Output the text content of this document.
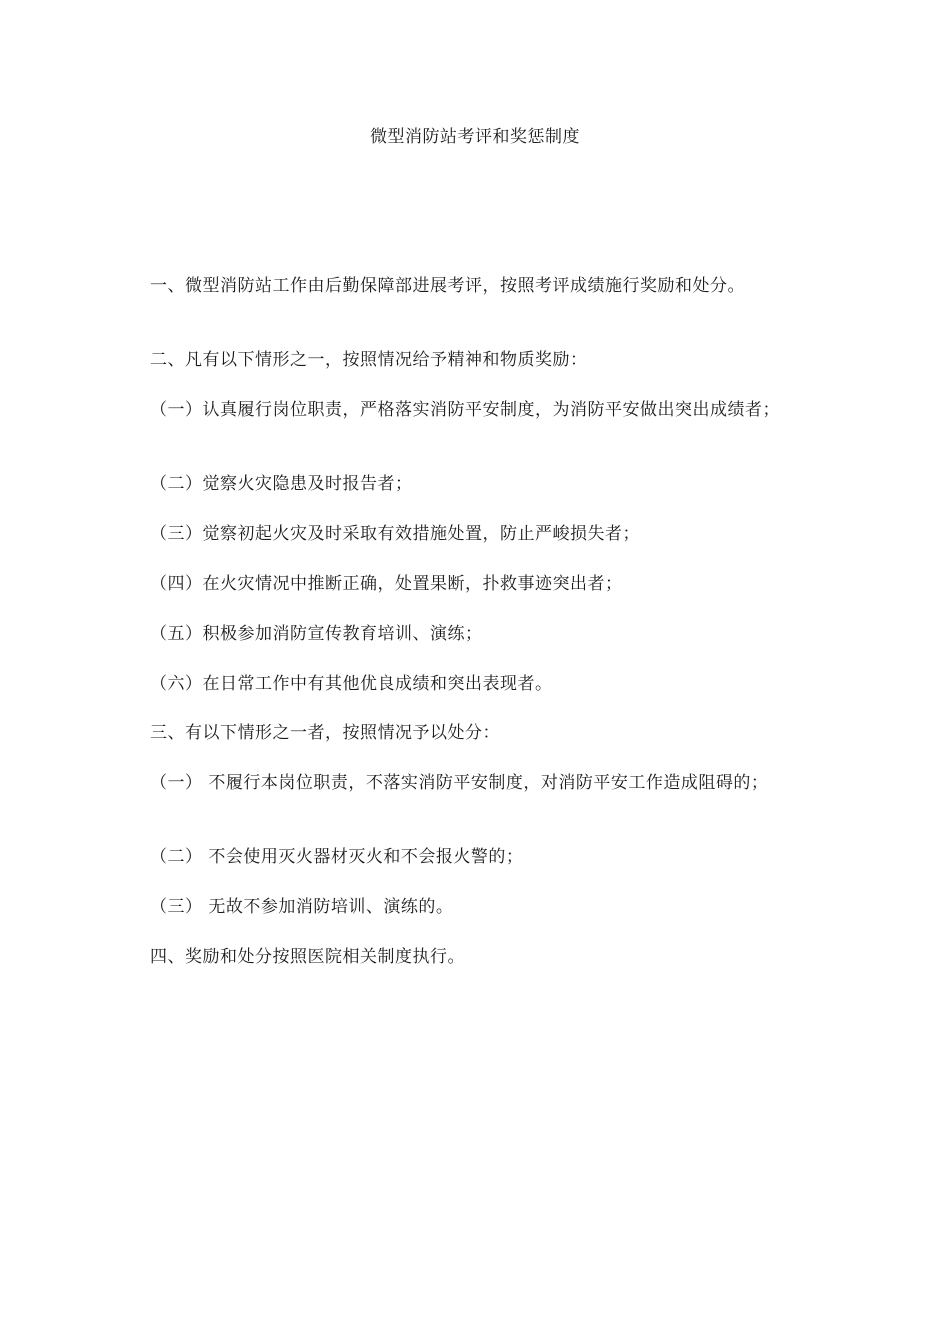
微型消防站考评和奖惩制度

一、微型消防站工作由后勤保障部进展考评，按照考评成绩施行奖励和处分。

二、凡有以下情形之一，按照情况给予精神和物质奖励：

（一）认真履行岗位职责，严格落实消防平安制度，为消防平安做出突出成绩者；

（二）觉察火灾隐患及时报告者；

（三）觉察初起火灾及时采取有效措施处置，防止严峻损失者；

（四）在火灾情况中推断正确，处置果断，扑救事迹突出者；

（五）积极参加消防宣传教育培训、演练；

（六）在日常工作中有其他优良成绩和突出表现者。

三、有以下情形之一者，按照情况予以处分：

（一） 不履行本岗位职责，不落实消防平安制度，对消防平安工作造成阻碍的；

（二） 不会使用灭火器材灭火和不会报火警的；

（三） 无故不参加消防培训、演练的。

四、奖励和处分按照医院相关制度执行。
